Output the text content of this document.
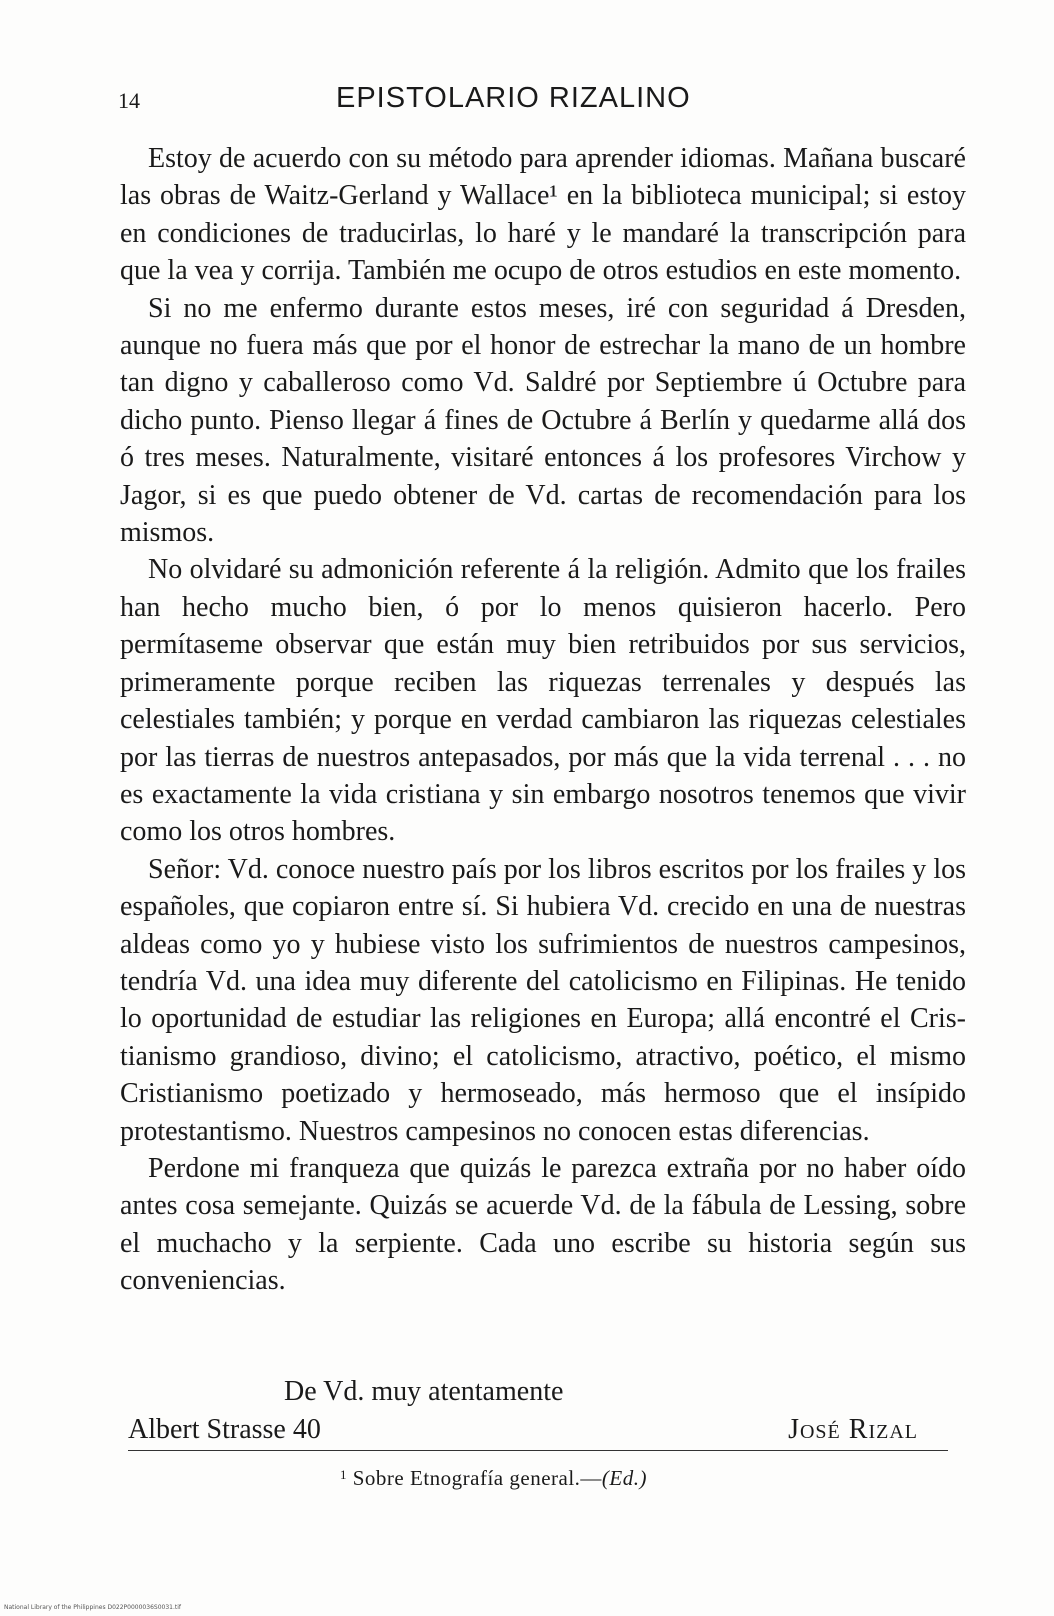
14	EPISTOLARIO RIZALINO

Estoy de acuerdo con su método para aprender idiomas. Mañana buscaré las obras de Waitz-Gerland y Wallace¹ en la biblioteca municipal; si estoy en condiciones de traducirlas, lo haré y le mandaré la transcripción para que la vea y corrija. También me ocupo de otros estudios en este momento.

Si no me enfermo durante estos meses, iré con seguridad á Dresden, aunque no fuera más que por el honor de estrechar la mano de un hombre tan digno y caballeroso como Vd. Saldré por Septiembre ú Octubre para dicho punto. Pienso llegar á fines de Octubre á Berlín y quedarme allá dos ó tres meses. Naturalmente, visitaré entonces á los profesores Virchow y Jagor, si es que puedo obtener de Vd. cartas de recomendación para los mismos.

No olvidaré su admonición referente á la religión. Admito que los frailes han hecho mucho bien, ó por lo menos quisieron hacerlo. Pero permítaseme observar que están muy bien retribuidos por sus servicios, primeramente porque reciben las riquezas terrenales y después las celestiales también; y porque en verdad cambiaron las riquezas celestiales por las tierras de nuestros antepasados, por más que la vida terrenal . . . no es exactamente la vida cristiana y sin embargo nosotros tenemos que vivir como los otros hombres.

Señor: Vd. conoce nuestro país por los libros escritos por los frailes y los españoles, que copiaron entre sí. Si hubiera Vd. crecido en una de nuestras aldeas como yo y hubiese visto los sufrimientos de nuestros campesinos, tendría Vd. una idea muy diferente del catolicismo en Filipinas. He tenido lo oportunidad de estudiar las religiones en Europa; allá encontré el Cristianismo grandioso, divino; el catolicismo, atractivo, poético, el mismo Cristianismo poetizado y hermoseado, más hermoso que el insípido protestantismo. Nuestros campesinos no conocen estas diferencias.

Perdone mi franqueza que quizás le parezca extraña por no haber oído antes cosa semejante. Quizás se acuerde Vd. de la fábula de Lessing, sobre el muchacho y la serpiente. Cada uno escribe su historia según sus conveniencias.

De Vd. muy atentamente
Albert Strasse 40	José Rizal
$^1$ Sobre Etnografía general.—(Ed.)
National Library of the Philippines D022P0000036S0031.tif
